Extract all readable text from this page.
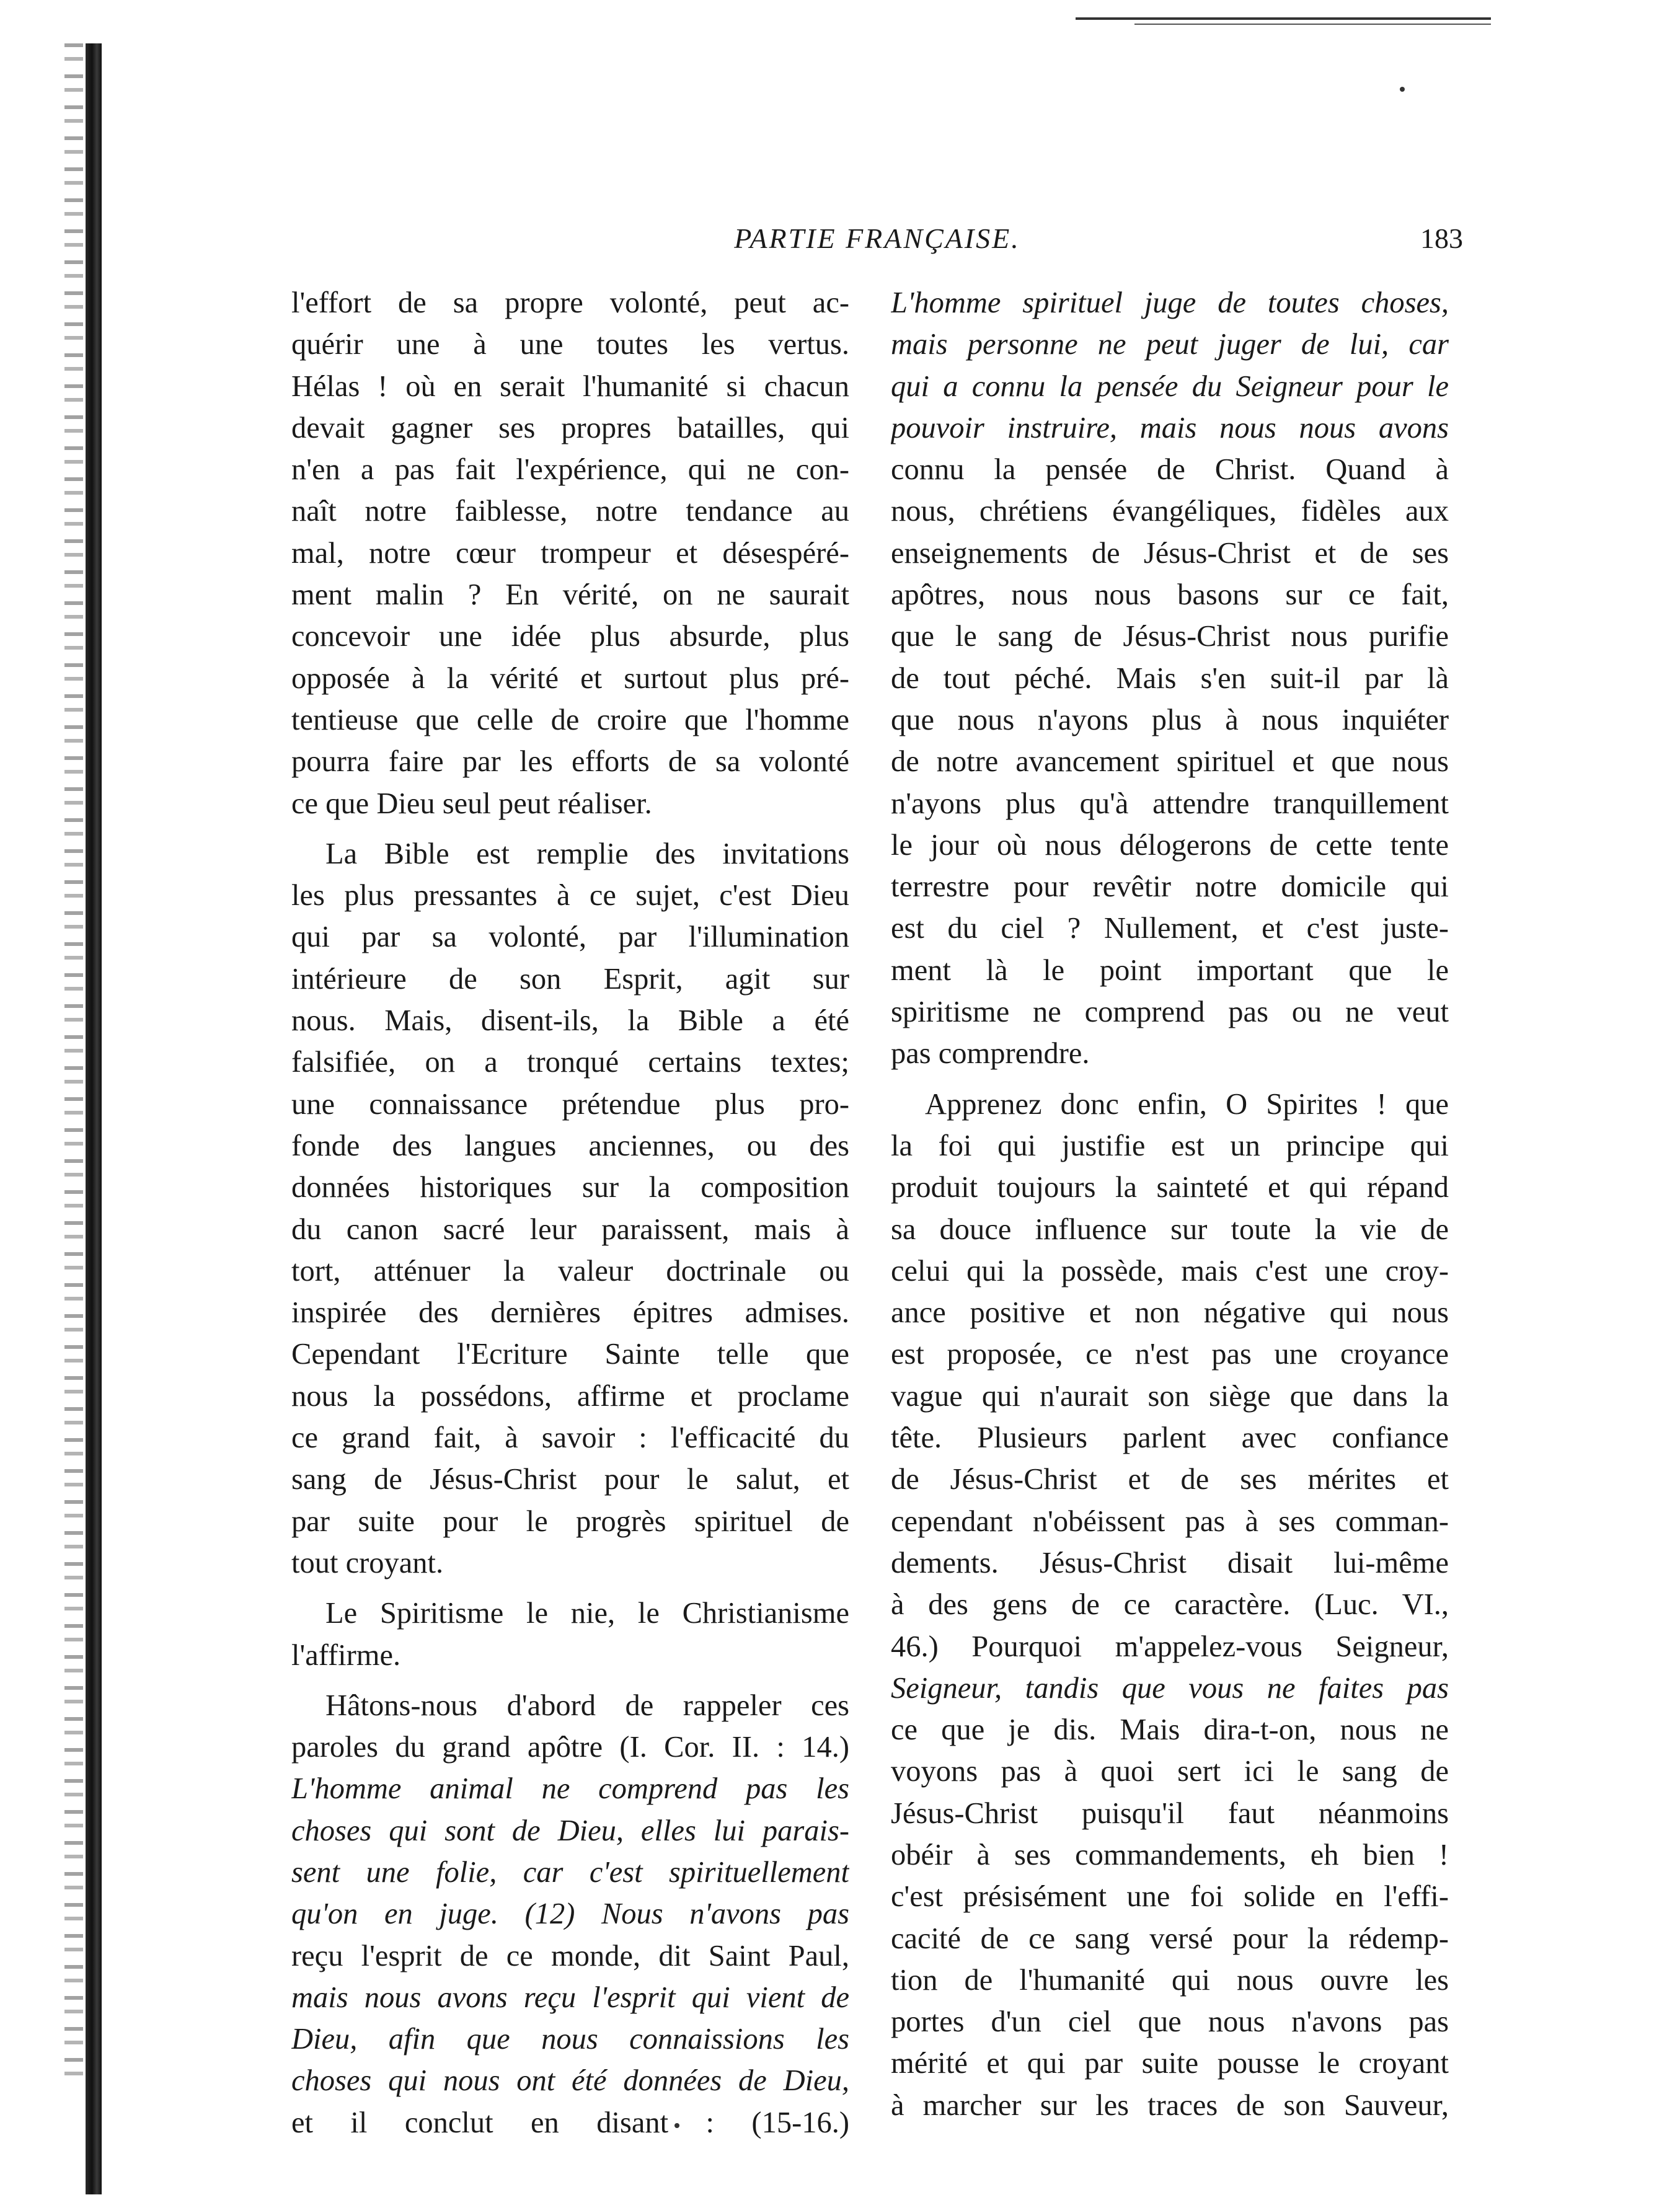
PARTIE FRANÇAISE.	183
l'effort de sa propre volonté, peut ac-
quérir une à une toutes les vertus.
Hélas ! où en serait l'humanité si chacun
devait gagner ses propres batailles, qui
n'en a pas fait l'expérience, qui ne con-
naît notre faiblesse, notre tendance au
mal, notre cœur trompeur et désespéré-
ment malin ? En vérité, on ne saurait
concevoir une idée plus absurde, plus
opposée à la vérité et surtout plus pré-
tentieuse que celle de croire que l'homme
pourra faire par les efforts de sa volonté
ce que Dieu seul peut réaliser.
La Bible est remplie des invitations
les plus pressantes à ce sujet, c'est Dieu
qui par sa volonté, par l'illumination
intérieure de son Esprit, agit sur
nous. Mais, disent-ils, la Bible a été
falsifiée, on a tronqué certains textes;
une connaissance prétendue plus pro-
fonde des langues anciennes, ou des
données historiques sur la composition
du canon sacré leur paraissent, mais à
tort, atténuer la valeur doctrinale ou
inspirée des dernières épitres admises.
Cependant l'Ecriture Sainte telle que
nous la possédons, affirme et proclame
ce grand fait, à savoir : l'efficacité du
sang de Jésus-Christ pour le salut, et
par suite pour le progrès spirituel de
tout croyant.
Le Spiritisme le nie, le Christianisme
l'affirme.
Hâtons-nous d'abord de rappeler ces
paroles du grand apôtre (I. Cor. II. : 14.)
L'homme animal ne comprend pas les
choses qui sont de Dieu, elles lui parais-
sent une folie, car c'est spirituellement
qu'on en juge. (12) Nous n'avons pas
reçu l'esprit de ce monde, dit Saint Paul,
mais nous avons reçu l'esprit qui vient de
Dieu, afin que nous connaissions les
choses qui nous ont été données de Dieu,
et il conclut en disant : (15-16.)
L'homme spirituel juge de toutes choses,
mais personne ne peut juger de lui, car
qui a connu la pensée du Seigneur pour le
pouvoir instruire, mais nous nous avons
connu la pensée de Christ. Quand à
nous, chrétiens évangéliques, fidèles aux
enseignements de Jésus-Christ et de ses
apôtres, nous nous basons sur ce fait,
que le sang de Jésus-Christ nous purifie
de tout péché. Mais s'en suit-il par là
que nous n'ayons plus à nous inquiéter
de notre avancement spirituel et que nous
n'ayons plus qu'à attendre tranquillement
le jour où nous délogerons de cette tente
terrestre pour revêtir notre domicile qui
est du ciel ? Nullement, et c'est juste-
ment là le point important que le
spiritisme ne comprend pas ou ne veut
pas comprendre.
Apprenez donc enfin, O Spirites ! que
la foi qui justifie est un principe qui
produit toujours la sainteté et qui répand
sa douce influence sur toute la vie de
celui qui la possède, mais c'est une croy-
ance positive et non négative qui nous
est proposée, ce n'est pas une croyance
vague qui n'aurait son siège que dans la
tête. Plusieurs parlent avec confiance
de Jésus-Christ et de ses mérites et
cependant n'obéissent pas à ses comman-
dements. Jésus-Christ disait lui-même
à des gens de ce caractère. (Luc. VI.,
46.) Pourquoi m'appelez-vous Seigneur,
Seigneur, tandis que vous ne faites pas
ce que je dis. Mais dira-t-on, nous ne
voyons pas à quoi sert ici le sang de
Jésus-Christ puisqu'il faut néanmoins
obéir à ses commandements, eh bien !
c'est présisément une foi solide en l'effi-
cacité de ce sang versé pour la rédemp-
tion de l'humanité qui nous ouvre les
portes d'un ciel que nous n'avons pas
mérité et qui par suite pousse le croyant
à marcher sur les traces de son Sauveur,
